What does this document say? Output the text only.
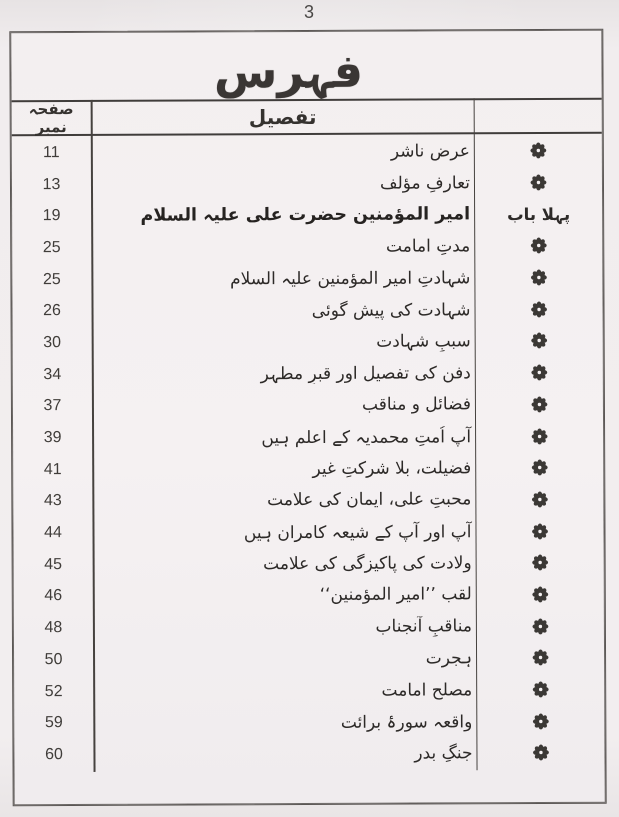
3
فہرس
صفحہ نمبر	تفصیل
11	عرضِ ناشر
13	تعارفِ مؤلف
19	امیر المؤمنین حضرت علی علیہ السلام	پہلا باب
25	مدتِ امامت
25	شہادتِ امیر المؤمنین علیہ السلام
26	شہادت کی پیش گوئی
30	سببِ شہادت
34	دفن کی تفصیل اور قبرِ مطہر
37	فضائل و مناقب
39	آپ اُمتِ محمدیہ کے اعلم ہیں
41	فضیلت، بلا شرکتِ غیر
43	محبتِ علی، ایمان کی علامت
44	آپ اور آپ کے شیعہ کامران ہیں
45	ولادت کی پاکیزگی کی علامت
46	لقب ’’امیر المؤمنین‘‘
48	مناقبِ آنجناب
50	ہجرت
52	مصلحِ امامت
59	واقعہ سورۂ برائت
60	جنگِ بدر
